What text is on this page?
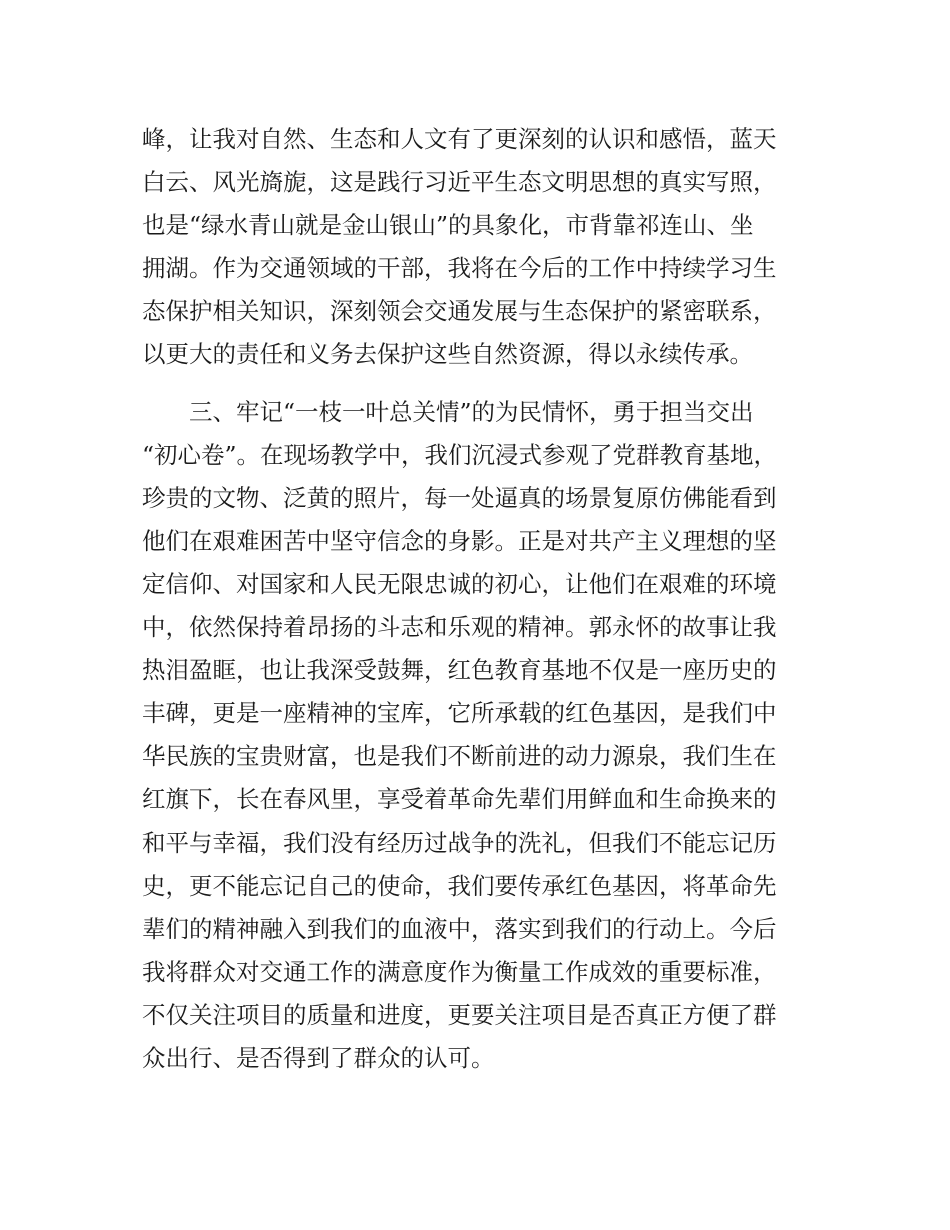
峰，让我对自然、生态和人文有了更深刻的认识和感悟，蓝天
白云、风光旖旎，这是践行习近平生态文明思想的真实写照，
也是“绿水青山就是金山银山”的具象化，市背靠祁连山、坐
拥湖。作为交通领域的干部，我将在今后的工作中持续学习生
态保护相关知识，深刻领会交通发展与生态保护的紧密联系，
以更大的责任和义务去保护这些自然资源，得以永续传承。
三、牢记“一枝一叶总关情”的为民情怀，勇于担当交出
“初心卷”。在现场教学中，我们沉浸式参观了党群教育基地，
珍贵的文物、泛黄的照片，每一处逼真的场景复原仿佛能看到
他们在艰难困苦中坚守信念的身影。正是对共产主义理想的坚
定信仰、对国家和人民无限忠诚的初心，让他们在艰难的环境
中，依然保持着昂扬的斗志和乐观的精神。郭永怀的故事让我
热泪盈眶，也让我深受鼓舞，红色教育基地不仅是一座历史的
丰碑，更是一座精神的宝库，它所承载的红色基因，是我们中
华民族的宝贵财富，也是我们不断前进的动力源泉，我们生在
红旗下，长在春风里，享受着革命先辈们用鲜血和生命换来的
和平与幸福，我们没有经历过战争的洗礼，但我们不能忘记历
史，更不能忘记自己的使命，我们要传承红色基因，将革命先
辈们的精神融入到我们的血液中，落实到我们的行动上。今后
我将群众对交通工作的满意度作为衡量工作成效的重要标准，
不仅关注项目的质量和进度，更要关注项目是否真正方便了群
众出行、是否得到了群众的认可。
